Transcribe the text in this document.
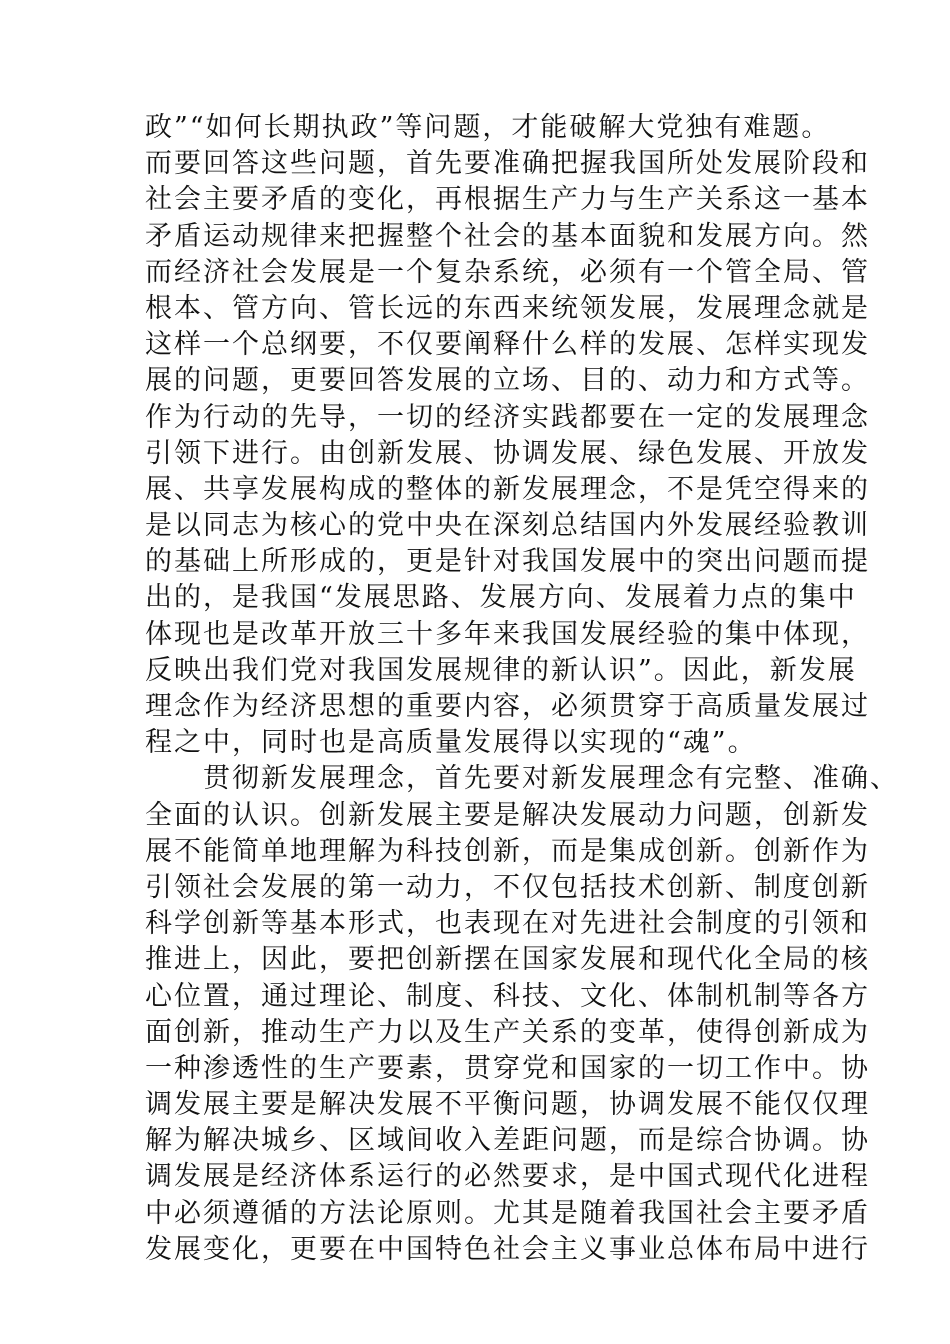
政”“如何长期执政”等问题，才能破解大党独有难题。
而要回答这些问题，首先要准确把握我国所处发展阶段和
社会主要矛盾的变化，再根据生产力与生产关系这一基本
矛盾运动规律来把握整个社会的基本面貌和发展方向。然
而经济社会发展是一个复杂系统，必须有一个管全局、管
根本、管方向、管长远的东西来统领发展，发展理念就是
这样一个总纲要，不仅要阐释什么样的发展、怎样实现发
展的问题，更要回答发展的立场、目的、动力和方式等。
作为行动的先导，一切的经济实践都要在一定的发展理念
引领下进行。由创新发展、协调发展、绿色发展、开放发
展、共享发展构成的整体的新发展理念，不是凭空得来的
是以同志为核心的党中央在深刻总结国内外发展经验教训
的基础上所形成的，更是针对我国发展中的突出问题而提
出的，是我国“发展思路、发展方向、发展着力点的集中
体现也是改革开放三十多年来我国发展经验的集中体现，
反映出我们党对我国发展规律的新认识”。因此，新发展
理念作为经济思想的重要内容，必须贯穿于高质量发展过
程之中，同时也是高质量发展得以实现的“魂”。
贯彻新发展理念，首先要对新发展理念有完整、准确、
全面的认识。创新发展主要是解决发展动力问题，创新发
展不能简单地理解为科技创新，而是集成创新。创新作为
引领社会发展的第一动力，不仅包括技术创新、制度创新
科学创新等基本形式，也表现在对先进社会制度的引领和
推进上，因此，要把创新摆在国家发展和现代化全局的核
心位置，通过理论、制度、科技、文化、体制机制等各方
面创新，推动生产力以及生产关系的变革，使得创新成为
一种渗透性的生产要素，贯穿党和国家的一切工作中。协
调发展主要是解决发展不平衡问题，协调发展不能仅仅理
解为解决城乡、区域间收入差距问题，而是综合协调。协
调发展是经济体系运行的必然要求，是中国式现代化进程
中必须遵循的方法论原则。尤其是随着我国社会主要矛盾
发展变化，更要在中国特色社会主义事业总体布局中进行
